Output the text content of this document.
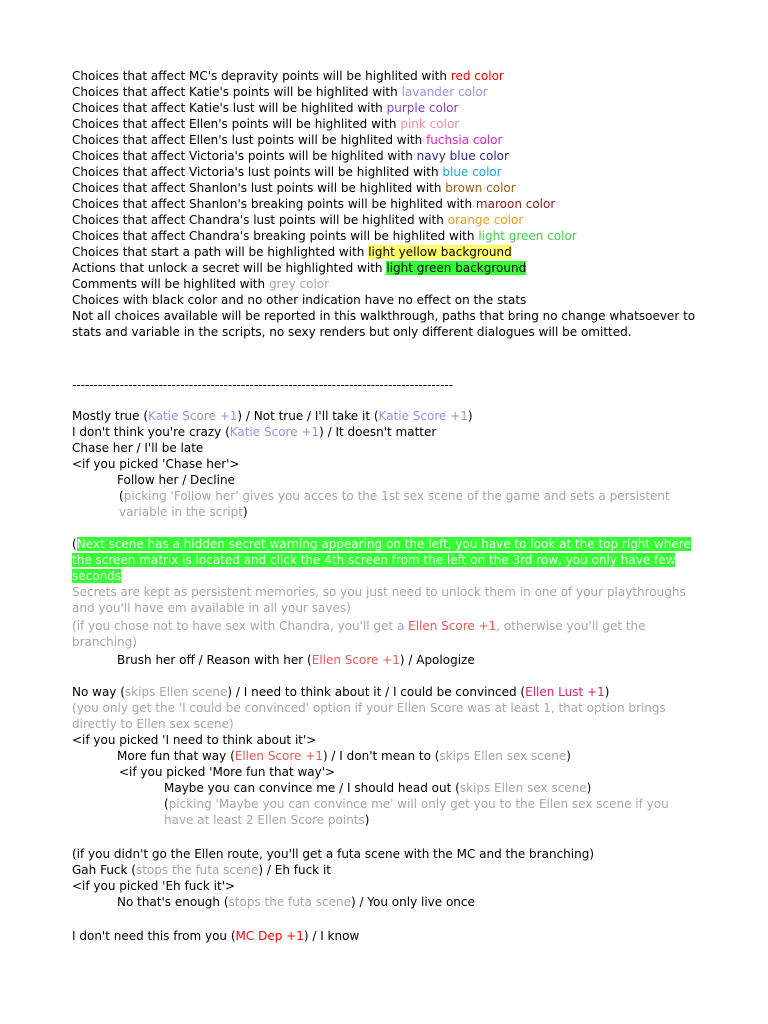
Choices that affect MC's depravity points will be highlited with red color
Choices that affect Katie's points will be highlited with lavander color
Choices that affect Katie's lust will be highlited with purple color
Choices that affect Ellen's points will be highlited with pink color
Choices that affect Ellen's lust points will be highlited with fuchsia color
Choices that affect Victoria's points will be highlited with navy blue color
Choices that affect Victoria's lust points will be highlited with blue color
Choices that affect Shanlon's lust points will be highlited with brown color
Choices that affect Shanlon's breaking points will be highlited with maroon color
Choices that affect Chandra's lust points will be highlited with orange color
Choices that affect Chandra's breaking points will be highlited with light green color
Choices that start a path will be highlighted with light yellow background
Actions that unlock a secret will be highlighted with light green background
Comments will be highlited with grey color
Choices with black color and no other indication have no effect on the stats
Not all choices available will be reported in this walkthrough, paths that bring no change whatsoever to stats and variable in the scripts, no sexy renders but only different dialogues will be omitted.
----------------------------------------------------------------------------------------
Mostly true (Katie Score +1) / Not true / I'll take it (Katie Score +1)
I don't think you're crazy (Katie Score +1) / It doesn't matter
Chase her / I'll be late
<if you picked 'Chase her'>
Follow her / Decline
(picking 'Follow her' gives you acces to the 1st sex scene of the game and sets a persistent variable in the script)
(Next scene has a hidden secret warning appearing on the left, you have to look at the top right where the screen matrix is located and click the 4th screen from the left on the 3rd row, you only have few seconds
Secrets are kept as persistent memories, so you just need to unlock them in one of your playthroughs and you'll have em available in all your saves)
(if you chose not to have sex with Chandra, you'll get a Ellen Score +1, otherwise you'll get the branching)
Brush her off / Reason with her (Ellen Score +1) / Apologize
No way (skips Ellen scene) / I need to think about it / I could be convinced (Ellen Lust +1)
(you only get the 'I could be convinced' option if your Ellen Score was at least 1, that option brings directly to Ellen sex scene)
<if you picked 'I need to think about it'>
More fun that way (Ellen Score +1) / I don't mean to (skips Ellen sex scene)
<if you picked 'More fun that way'>
Maybe you can convince me / I should head out (skips Ellen sex scene)
(picking 'Maybe you can convince me' will only get you to the Ellen sex scene if you have at least 2 Ellen Score points)
(if you didn't go the Ellen route, you'll get a futa scene with the MC and the branching)
Gah Fuck (stops the futa scene) / Eh fuck it
<if you picked 'Eh fuck it'>
No that's enough (stops the futa scene) / You only live once
I don't need this from you (MC Dep +1) / I know
